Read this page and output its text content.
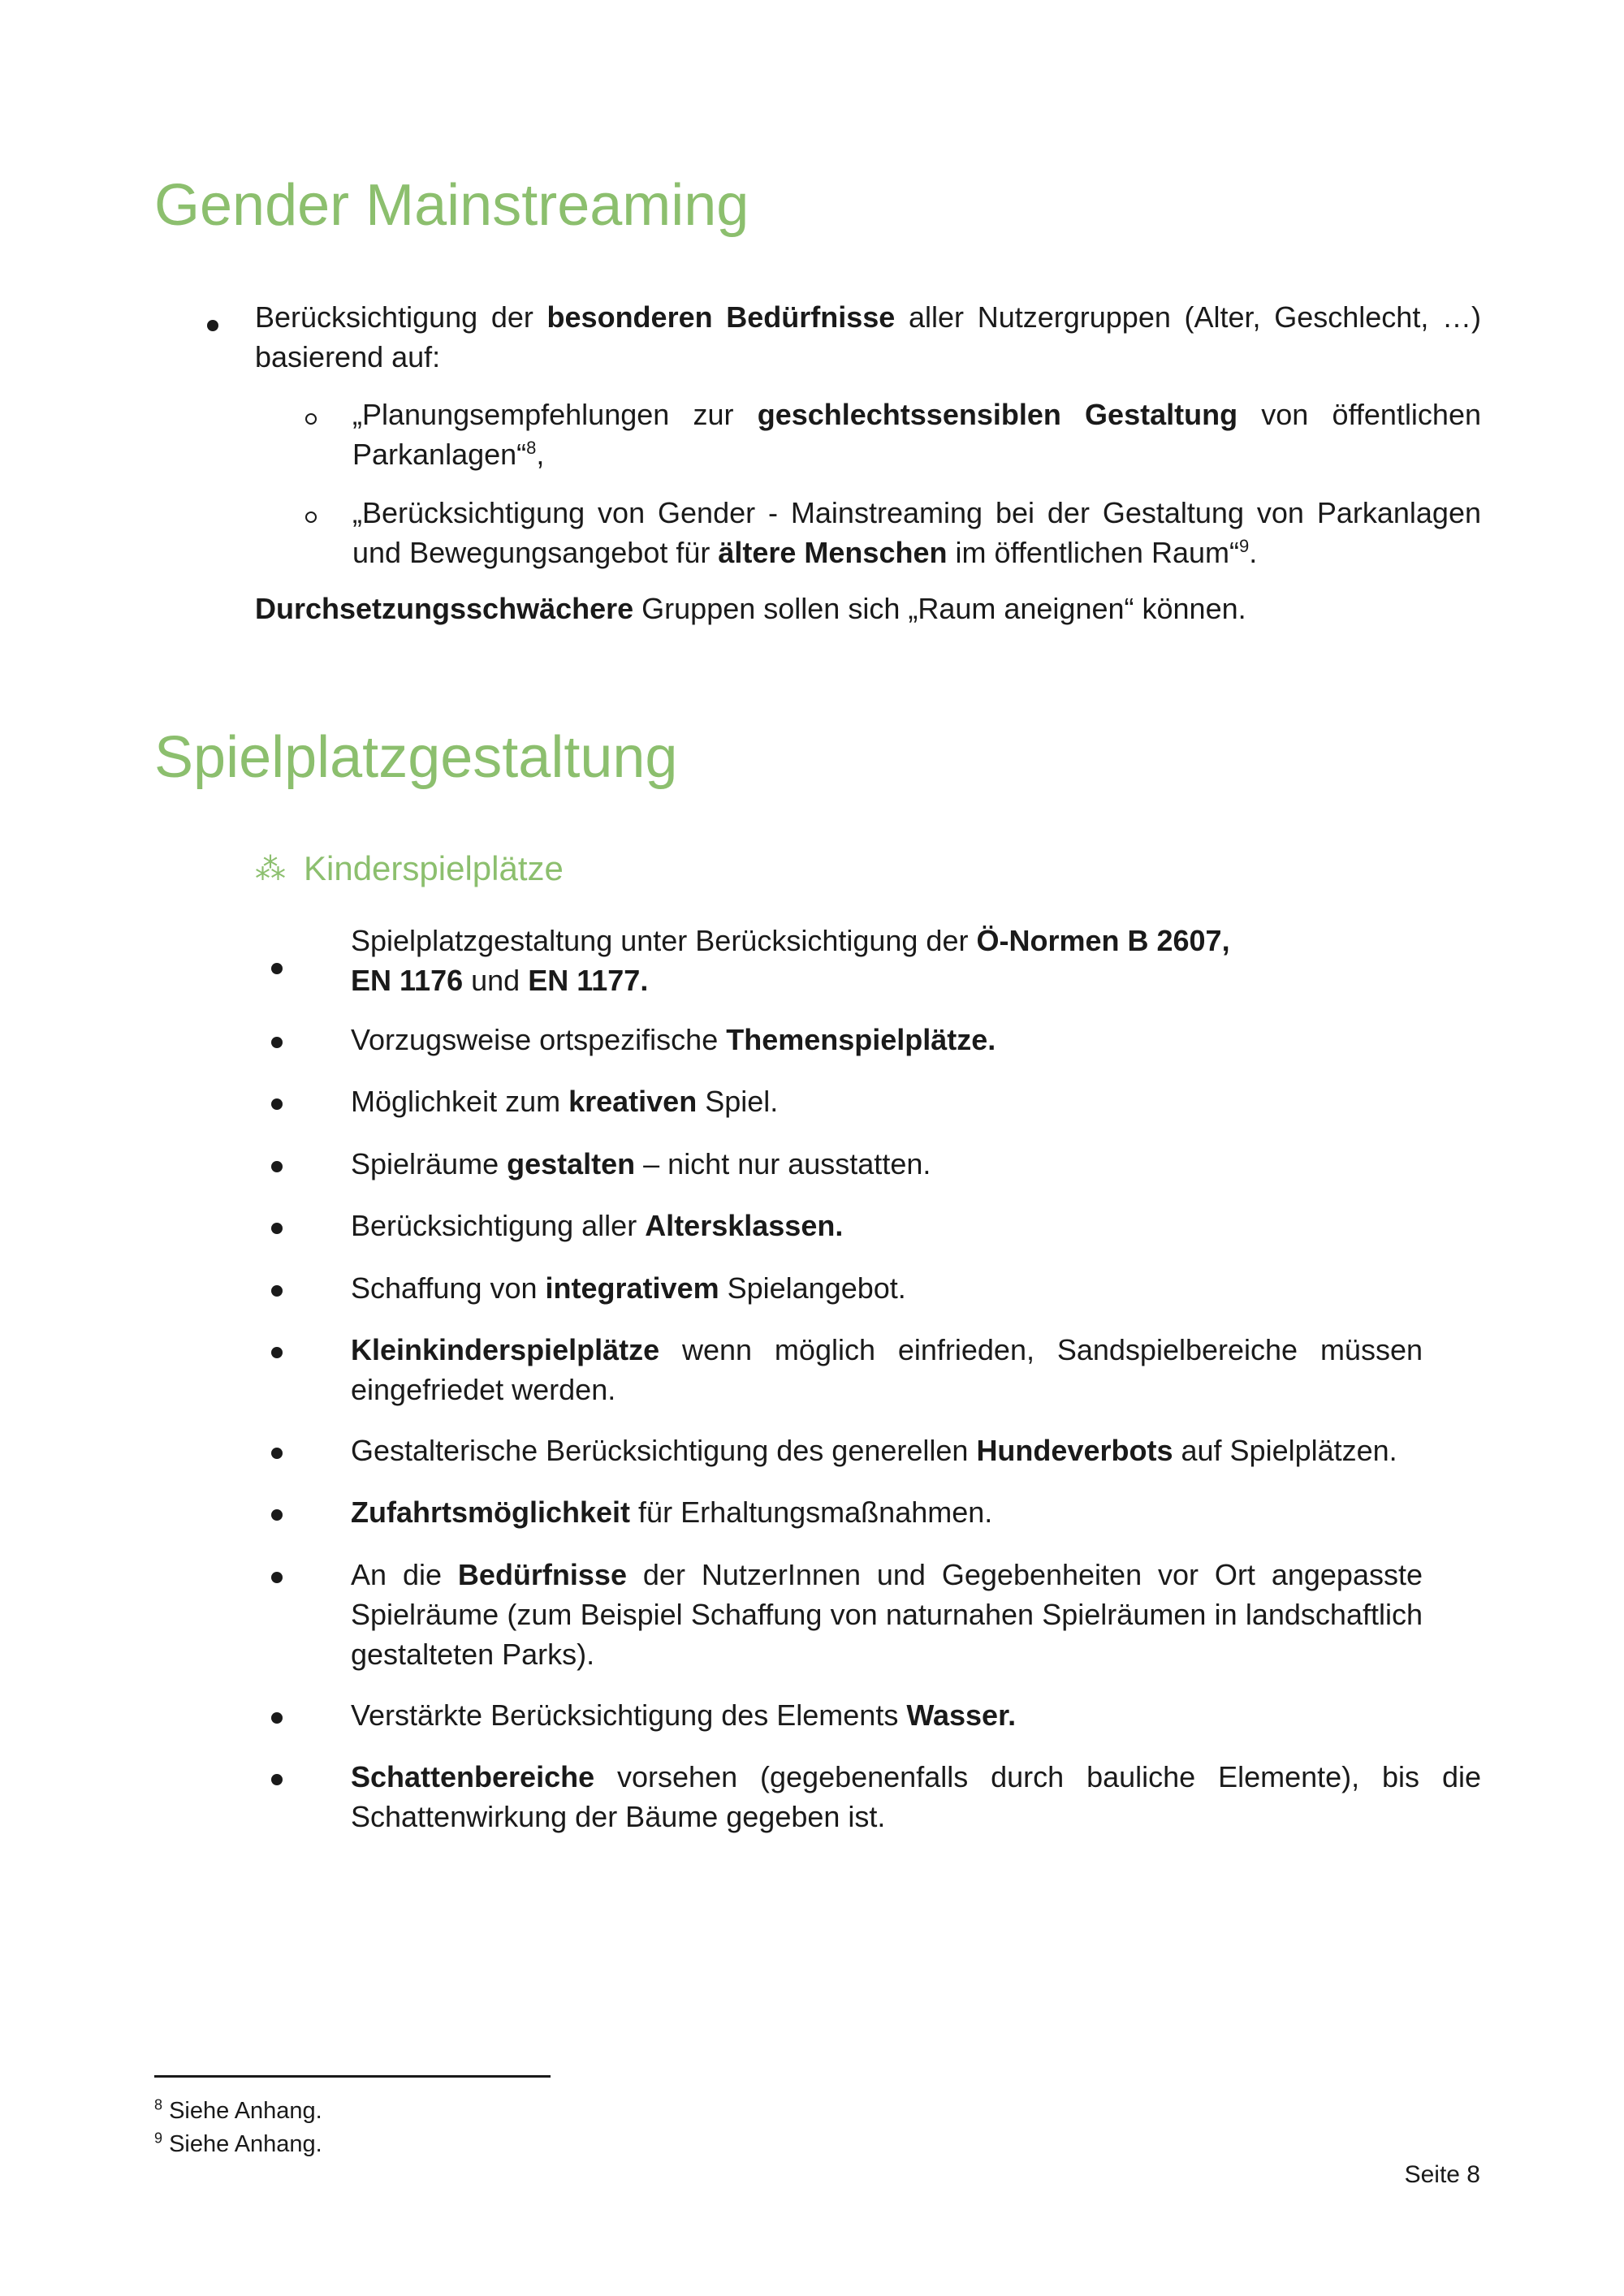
Gender Mainstreaming
Berücksichtigung der besonderen Bedürfnisse aller Nutzergruppen (Alter, Geschlecht, …) basierend auf:
„Planungsempfehlungen zur geschlechtssensiblen Gestaltung von öffentlichen Parkanlagen“$^8$,
„Berücksichtigung von Gender - Mainstreaming bei der Gestaltung von Parkanlagen und Bewegungsangebot für ältere Menschen im öffentlichen Raum“$^9$.
Durchsetzungsschwächere Gruppen sollen sich „Raum aneignen“ können.
Spielplatzgestaltung
⁂ Kinderspielplätze
Spielplatzgestaltung unter Berücksichtigung der Ö-Normen B 2607,
EN 1176 und EN 1177.
Vorzugsweise ortspezifische Themenspielplätze.
Möglichkeit zum kreativen Spiel.
Spielräume gestalten – nicht nur ausstatten.
Berücksichtigung aller Altersklassen.
Schaffung von integrativem Spielangebot.
Kleinkinderspielplätze wenn möglich einfrieden, Sandspielbereiche müssen eingefriedet werden.
Gestalterische Berücksichtigung des generellen Hundeverbots auf Spielplätzen.
Zufahrtsmöglichkeit für Erhaltungsmaßnahmen.
An die Bedürfnisse der NutzerInnen und Gegebenheiten vor Ort angepasste Spielräume (zum Beispiel Schaffung von naturnahen Spielräumen in landschaftlich gestalteten Parks).
Verstärkte Berücksichtigung des Elements Wasser.
Schattenbereiche vorsehen (gegebenenfalls durch bauliche Elemente), bis die Schattenwirkung der Bäume gegeben ist.
$^8$ Siehe Anhang.
$^9$ Siehe Anhang.
Seite 8
